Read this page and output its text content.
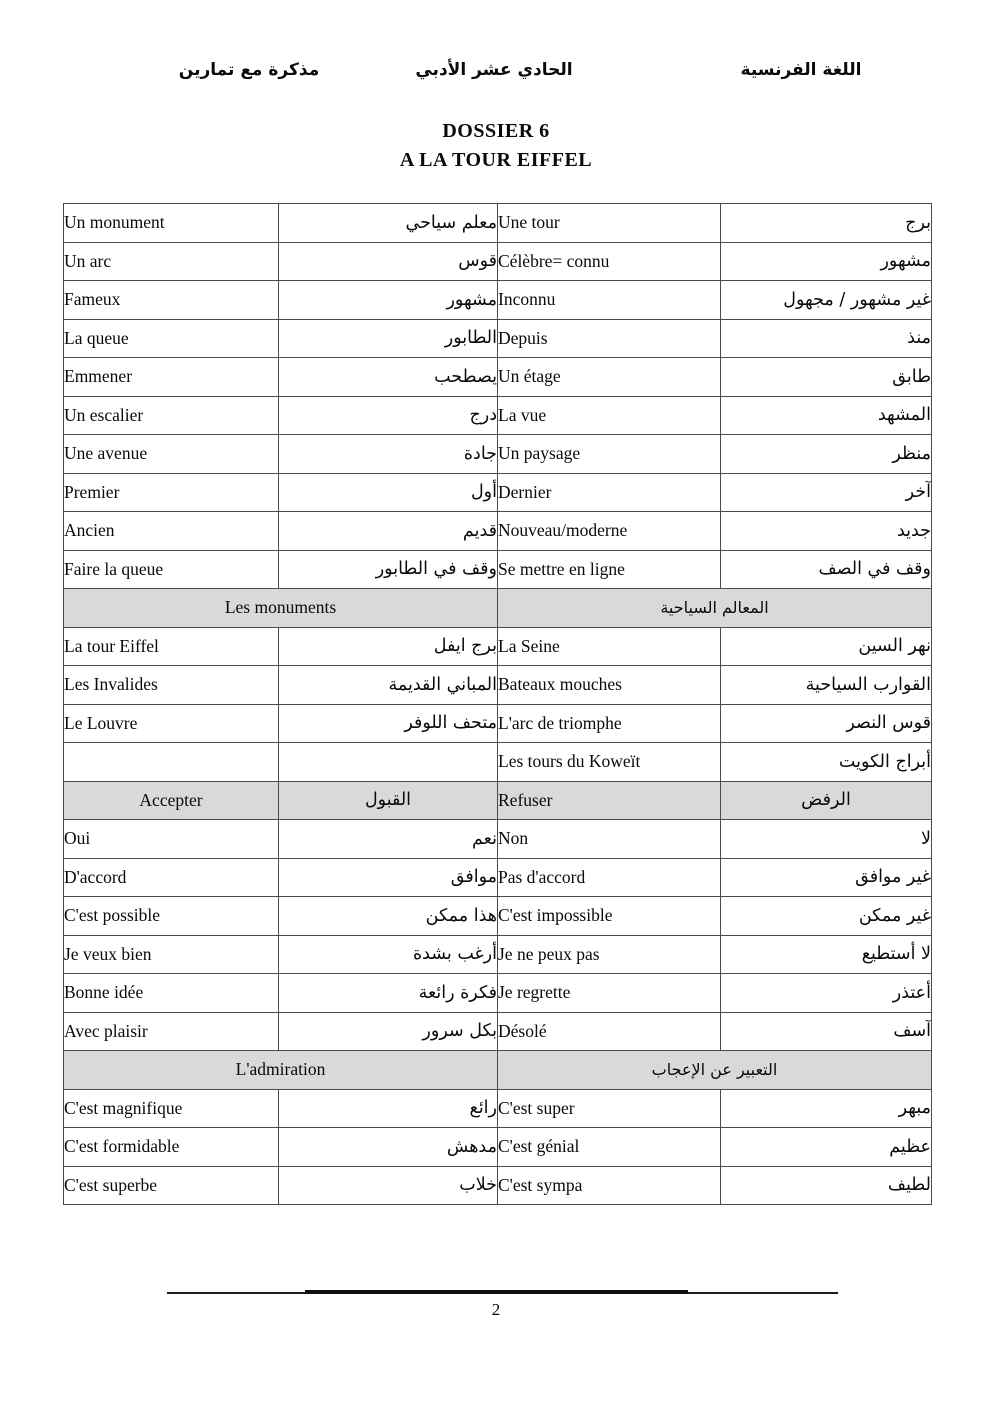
اللغة الفرنسية
الحادي عشر الأدبي
مذكرة مع تمارين
DOSSIER 6
A LA TOUR EIFFEL
Un monument	معلم سياحي	Une tour	برج
Un arc	قوس	Célèbre= connu	مشهور
Fameux	مشهور	Inconnu	غير مشهور / مجهول
La queue	الطابور	Depuis	منذ
Emmener	يصطحب	Un étage	طابق
Un escalier	درج	La vue	المشهد
Une avenue	جادة	Un paysage	منظر
Premier	أول	Dernier	آخر
Ancien	قديم	Nouveau/moderne	جديد
Faire la queue	وقف في الطابور	Se mettre en ligne	وقف في الصف
Les monuments		المعالم السياحية	
La tour Eiffel	برج ايفل	La Seine	نهر السين
Les Invalides	المباني القديمة	Bateaux mouches	القوارب السياحية
Le Louvre	متحف اللوفر	L'arc de triomphe	قوس النصر
		Les tours du Koweït	أبراج الكويت
Accepter	القبول	Refuser	الرفض
Oui	نعم	Non	لا
D'accord	موافق	Pas d'accord	غير موافق
C'est possible	هذا ممكن	C'est impossible	غير ممكن
Je veux bien	أرغب بشدة	Je ne peux pas	لا أستطيع
Bonne idée	فكرة رائعة	Je regrette	أعتذر
Avec plaisir	بكل سرور	Désolé	آسف
L'admiration		التعبير عن الإعجاب	
C'est magnifique	رائع	C'est super	مبهر
C'est formidable	مدهش	C'est génial	عظيم
C'est superbe	خلاب	C'est sympa	لطيف
2
